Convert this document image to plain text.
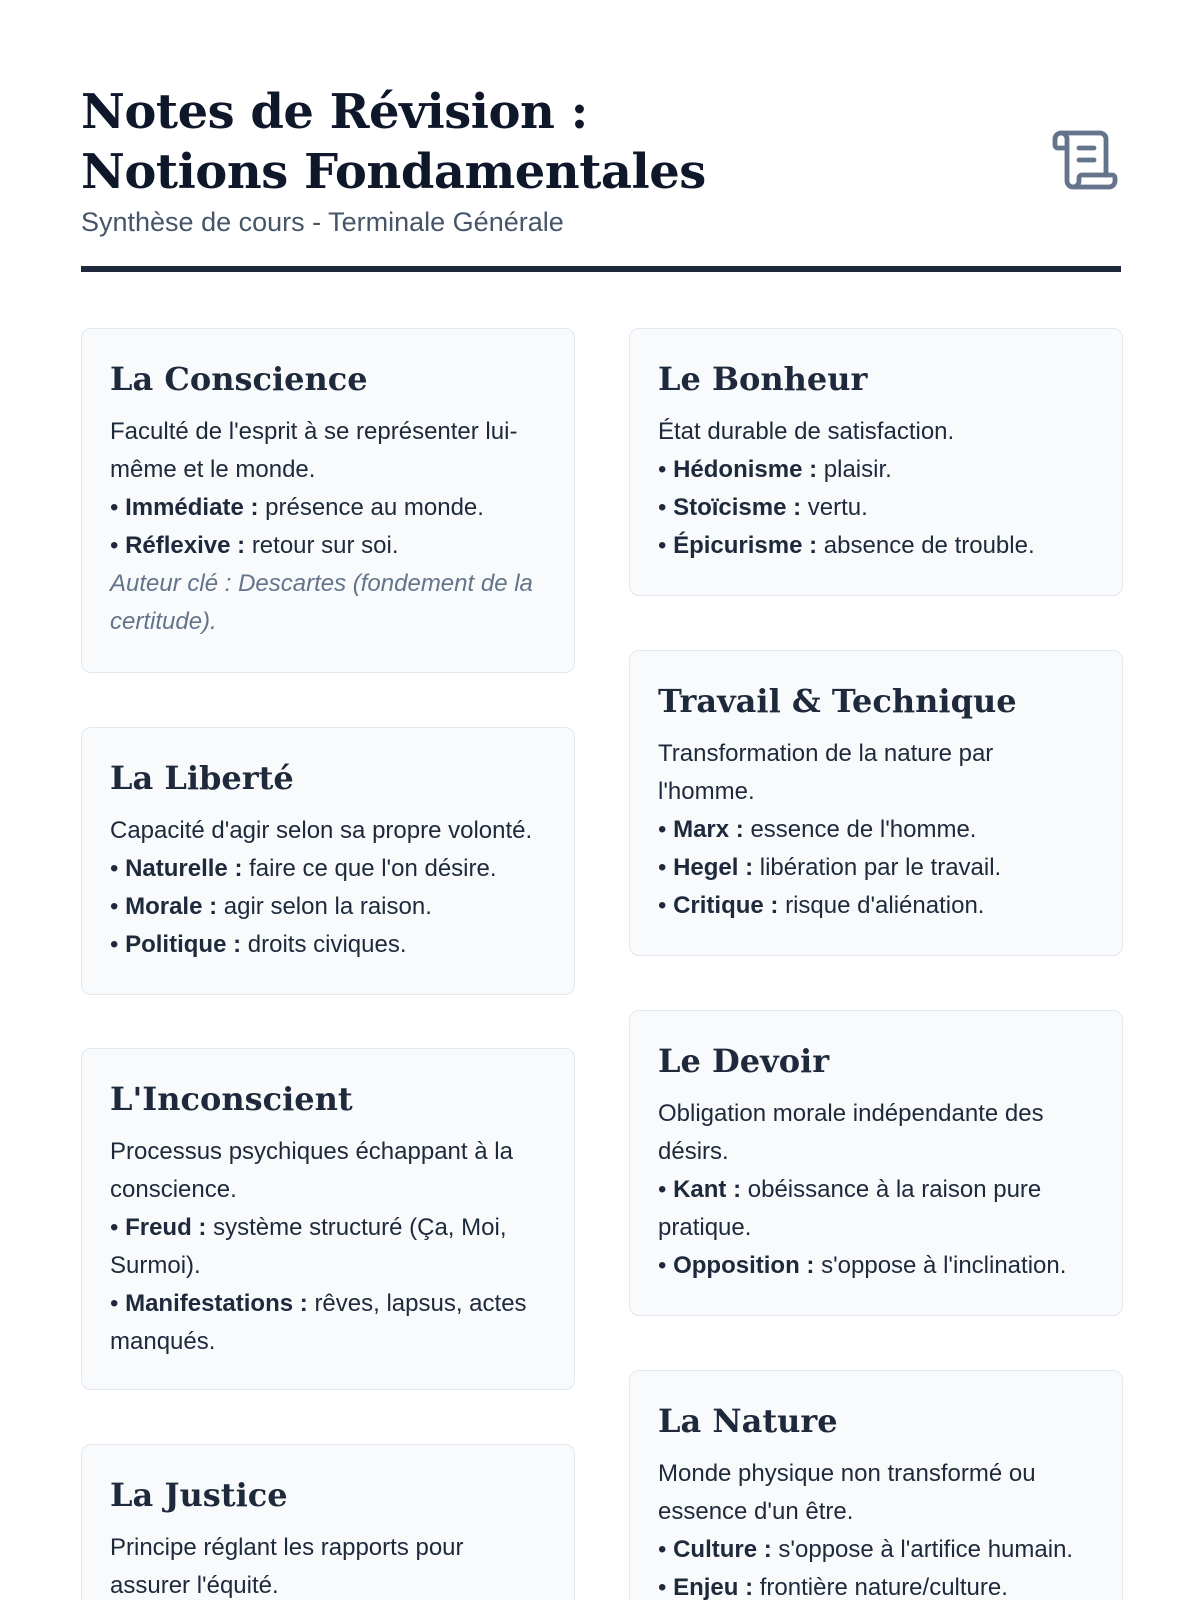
Notes de Révision : Notions Fondamentales
Synthèse de cours - Terminale Générale
La Conscience

Faculté de l'esprit à se représenter lui-même et le monde.

• Immédiate : présence au monde.
• Réflexive : retour sur soi.

Auteur clé : Descartes (fondement de la certitude).

Le Bonheur

État durable de satisfaction.

• Hédonisme : plaisir.
• Stoïcisme : vertu.
• Épicurisme : absence de trouble.
La Liberté

Capacité d'agir selon sa propre volonté.

• Naturelle : faire ce que l'on désire.
• Morale : agir selon la raison.
• Politique : droits civiques.
Travail & Technique

Transformation de la nature par l'homme.

• Marx : essence de l'homme.
• Hegel : libération par le travail.
• Critique : risque d'aliénation.
L'Inconscient

Processus psychiques échappant à la conscience.

• Freud : système structuré (Ça, Moi, Surmoi).
• Manifestations : rêves, lapsus, actes manqués.
Le Devoir

Obligation morale indépendante des désirs.

• Kant : obéissance à la raison pure pratique.
• Opposition : s'oppose à l'inclination.
La Justice

Principe réglant les rapports pour assurer l'équité.

La Nature

Monde physique non transformé ou essence d'un être.

• Culture : s'oppose à l'artifice humain.
• Enjeu : frontière nature/culture.
